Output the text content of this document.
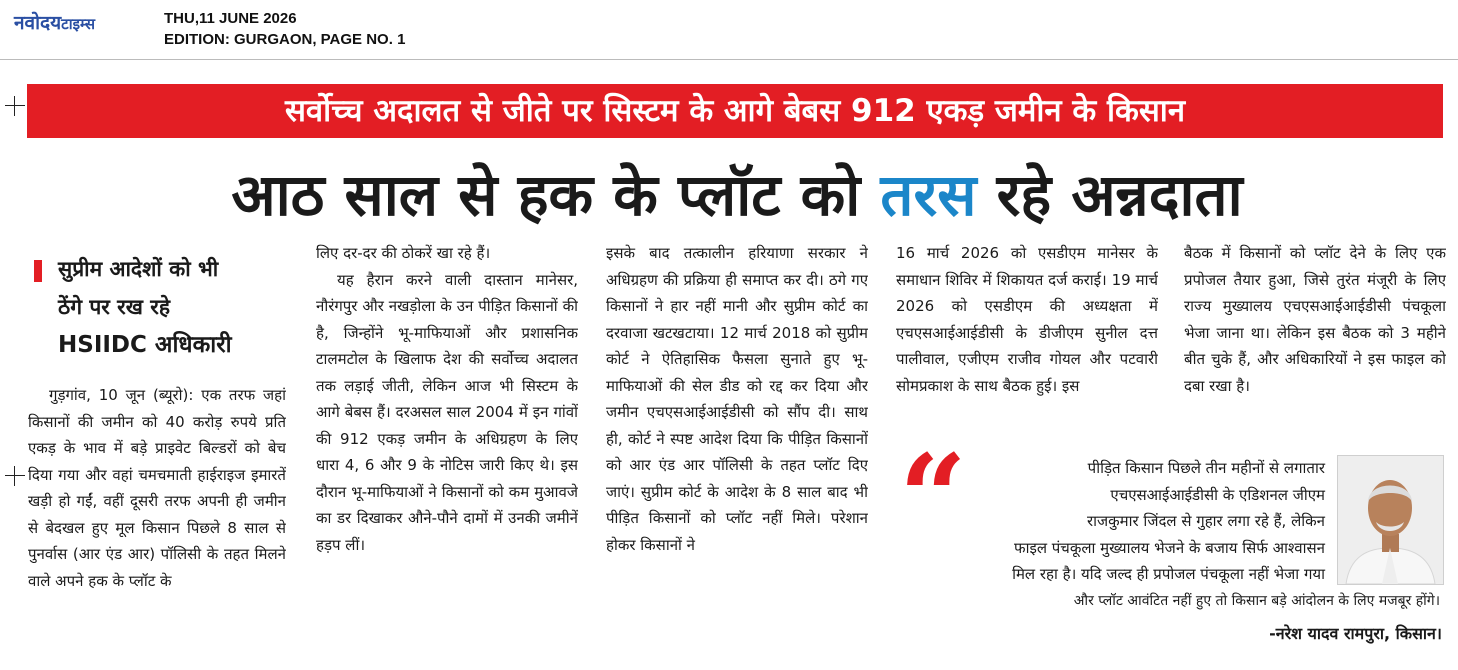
नवोदयटाइम्स	THU,11 JUNE 2026
EDITION: GURGAON, PAGE NO. 1
सर्वोच्च अदालत से जीते पर सिस्टम के आगे बेबस 912 एकड़ जमीन के किसान
आठ साल से हक के प्लॉट को तरस रहे अन्नदाता
सुप्रीम आदेशों को भी
ठेंगे पर रख रहे
HSIIDC अधिकारी

गुड़गांव, 10 जून (ब्यूरो): एक तरफ जहां किसानों की जमीन को 40 करोड़ रुपये प्रति एकड़ के भाव में बड़े प्राइवेट बिल्डरों को बेच दिया गया और वहां चमचमाती हाईराइज इमारतें खड़ी हो गईं, वहीं दूसरी तरफ अपनी ही जमीन से बेदखल हुए मूल किसान पिछले 8 साल से पुनर्वास (आर एंड आर) पॉलिसी के तहत मिलने वाले अपने हक के प्लॉट के

लिए दर-दर की ठोकरें खा रहे हैं।

यह हैरान करने वाली दास्तान मानेसर, नौरंगपुर और नखड़ोला के उन पीड़ित किसानों की है, जिन्होंने भू-माफियाओं और प्रशासनिक टालमटोल के खिलाफ देश की सर्वोच्च अदालत तक लड़ाई जीती, लेकिन आज भी सिस्टम के आगे बेबस हैं। दरअसल साल 2004 में इन गांवों की 912 एकड़ जमीन के अधिग्रहण के लिए धारा 4, 6 और 9 के नोटिस जारी किए थे। इस दौरान भू-माफियाओं ने किसानों को कम मुआवजे का डर दिखाकर औने-पौने दामों में उनकी जमीनें हड़प लीं।

इसके बाद तत्कालीन हरियाणा सरकार ने अधिग्रहण की प्रक्रिया ही समाप्त कर दी। ठगे गए किसानों ने हार नहीं मानी और सुप्रीम कोर्ट का दरवाजा खटखटाया। 12 मार्च 2018 को सुप्रीम कोर्ट ने ऐतिहासिक फैसला सुनाते हुए भू-माफियाओं की सेल डीड को रद्द कर दिया और जमीन एचएसआईआईडीसी को सौंप दी। साथ ही, कोर्ट ने स्पष्ट आदेश दिया कि पीड़ित किसानों को आर एंड आर पॉलिसी के तहत प्लॉट दिए जाएं। सुप्रीम कोर्ट के आदेश के 8 साल बाद भी पीड़ित किसानों को प्लॉट नहीं मिले। परेशान होकर किसानों ने

16 मार्च 2026 को एसडीएम मानेसर के समाधान शिविर में शिकायत दर्ज कराई। 19 मार्च 2026 को एसडीएम की अध्यक्षता में एचएसआईआईडीसी के डीजीएम सुनील दत्त पालीवाल, एजीएम राजीव गोयल और पटवारी सोमप्रकाश के साथ बैठक हुई। इस

बैठक में किसानों को प्लॉट देने के लिए एक प्रपोजल तैयार हुआ, जिसे तुरंत मंजूरी के लिए राज्य मुख्यालय एचएसआईआईडीसी पंचकूला भेजा जाना था। लेकिन इस बैठक को 3 महीने बीत चुके हैं, और अधिकारियों ने इस फाइल को दबा रखा है।

“	पीड़ित किसान पिछले तीन महीनों से लगातार

एचएसआईआईडीसी के एडिशनल जीएम

राजकुमार जिंदल से गुहार लगा रहे हैं, लेकिन

फाइल पंचकूला मुख्यालय भेजने के बजाय सिर्फ आश्वासन

मिल रहा है। यदि जल्द ही प्रपोजल पंचकूला नहीं भेजा गया

और प्लॉट आवंटित नहीं हुए तो किसान बड़े आंदोलन के लिए मजबूर होंगे।

-नरेश यादव रामपुरा, किसान।
